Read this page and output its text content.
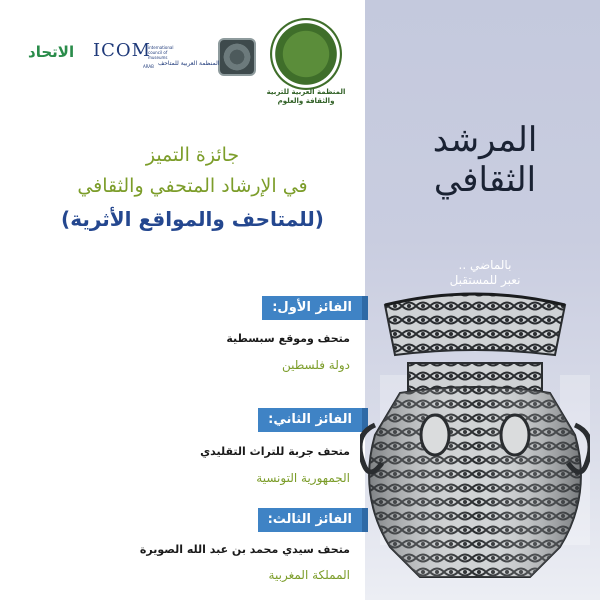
المنظمة العربية للتربية والثقافة والعلوم
ICOM
international council of museums
المنظمة العربية للمتاحف
ARAB
الاتحاد
المرشد
الثقافي
بالماضي ..
نعبر للمستقبل
جائزة التميز
في الإرشاد المتحفي والثقافي
(للمتاحف والمواقع الأثرية)
الفائز الأول:
متحف وموقع سبسطية
دولة فلسطين
الفائز الثاني:
متحف جربة للتراث التقليدي
الجمهورية التونسية
الفائز الثالث:
متحف سيدي محمد بن عبد الله الصويرة
المملكة المغربية
